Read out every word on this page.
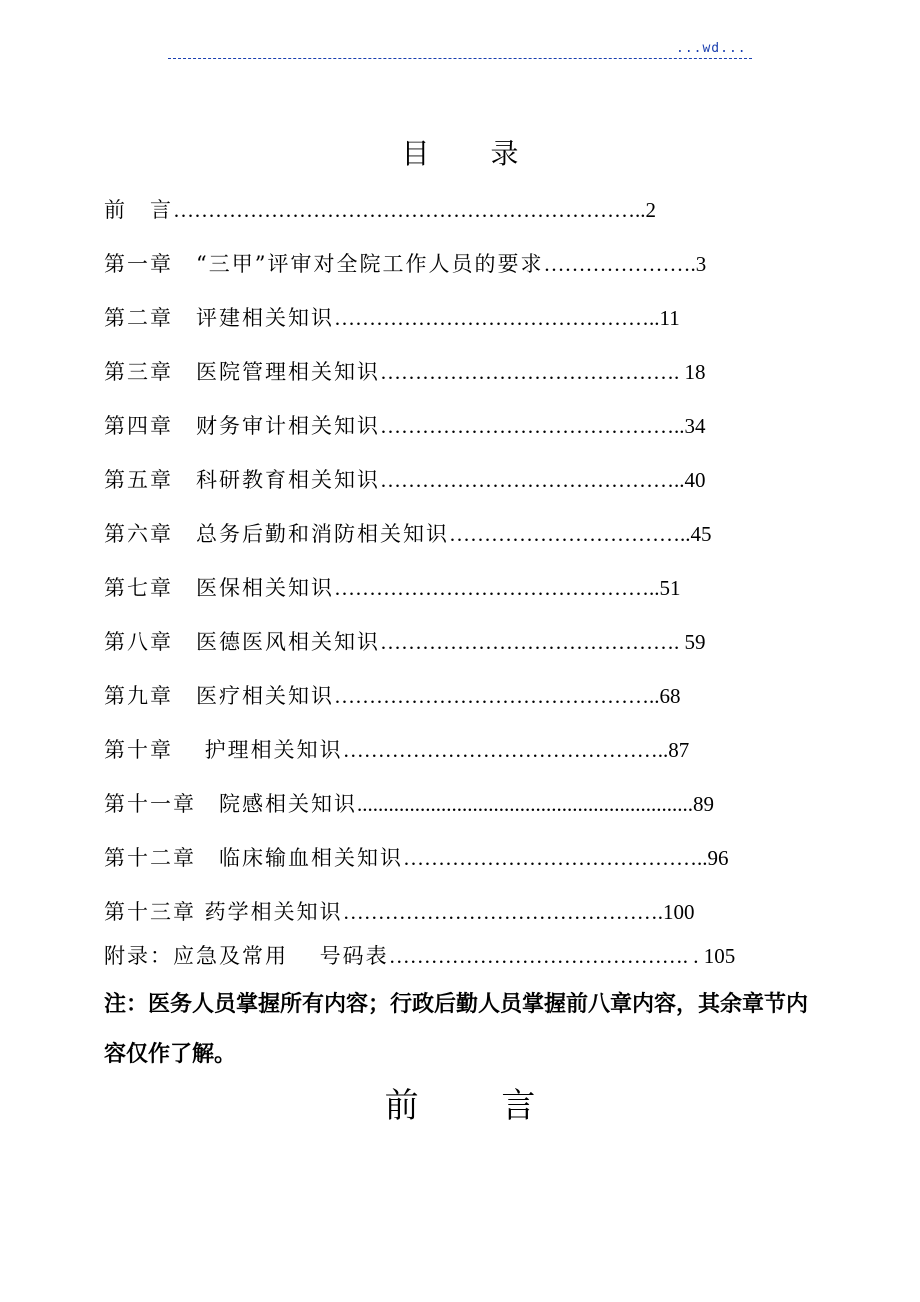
...wd...
目 录
前　言…………………………………………………………..2
第一章　“三甲”评审对全院工作人员的要求………………….3
第二章　评建相关知识………………………………………..11
第三章　医院管理相关知识……………………………………. 18
第四章　财务审计相关知识……………………………………..34
第五章　科研教育相关知识……………………………………..40
第六章　总务后勤和消防相关知识……………………………..45
第七章　医保相关知识………………………………………..51
第八章　医德医风相关知识……………………………………. 59
第九章　医疗相关知识………………………………………..68
第十章　 护理相关知识………………………………………..87
第十一章　院感相关知识................................................................89
第十二章　临床输血相关知识……………………………………..96
第十三章 药学相关知识……………………………………….100
附录：应急及常用　 号码表……………………………………. . 105
注：医务人员掌握所有内容；行政后勤人员掌握前八章内容，其余章节内容仅作了解。
前 言
